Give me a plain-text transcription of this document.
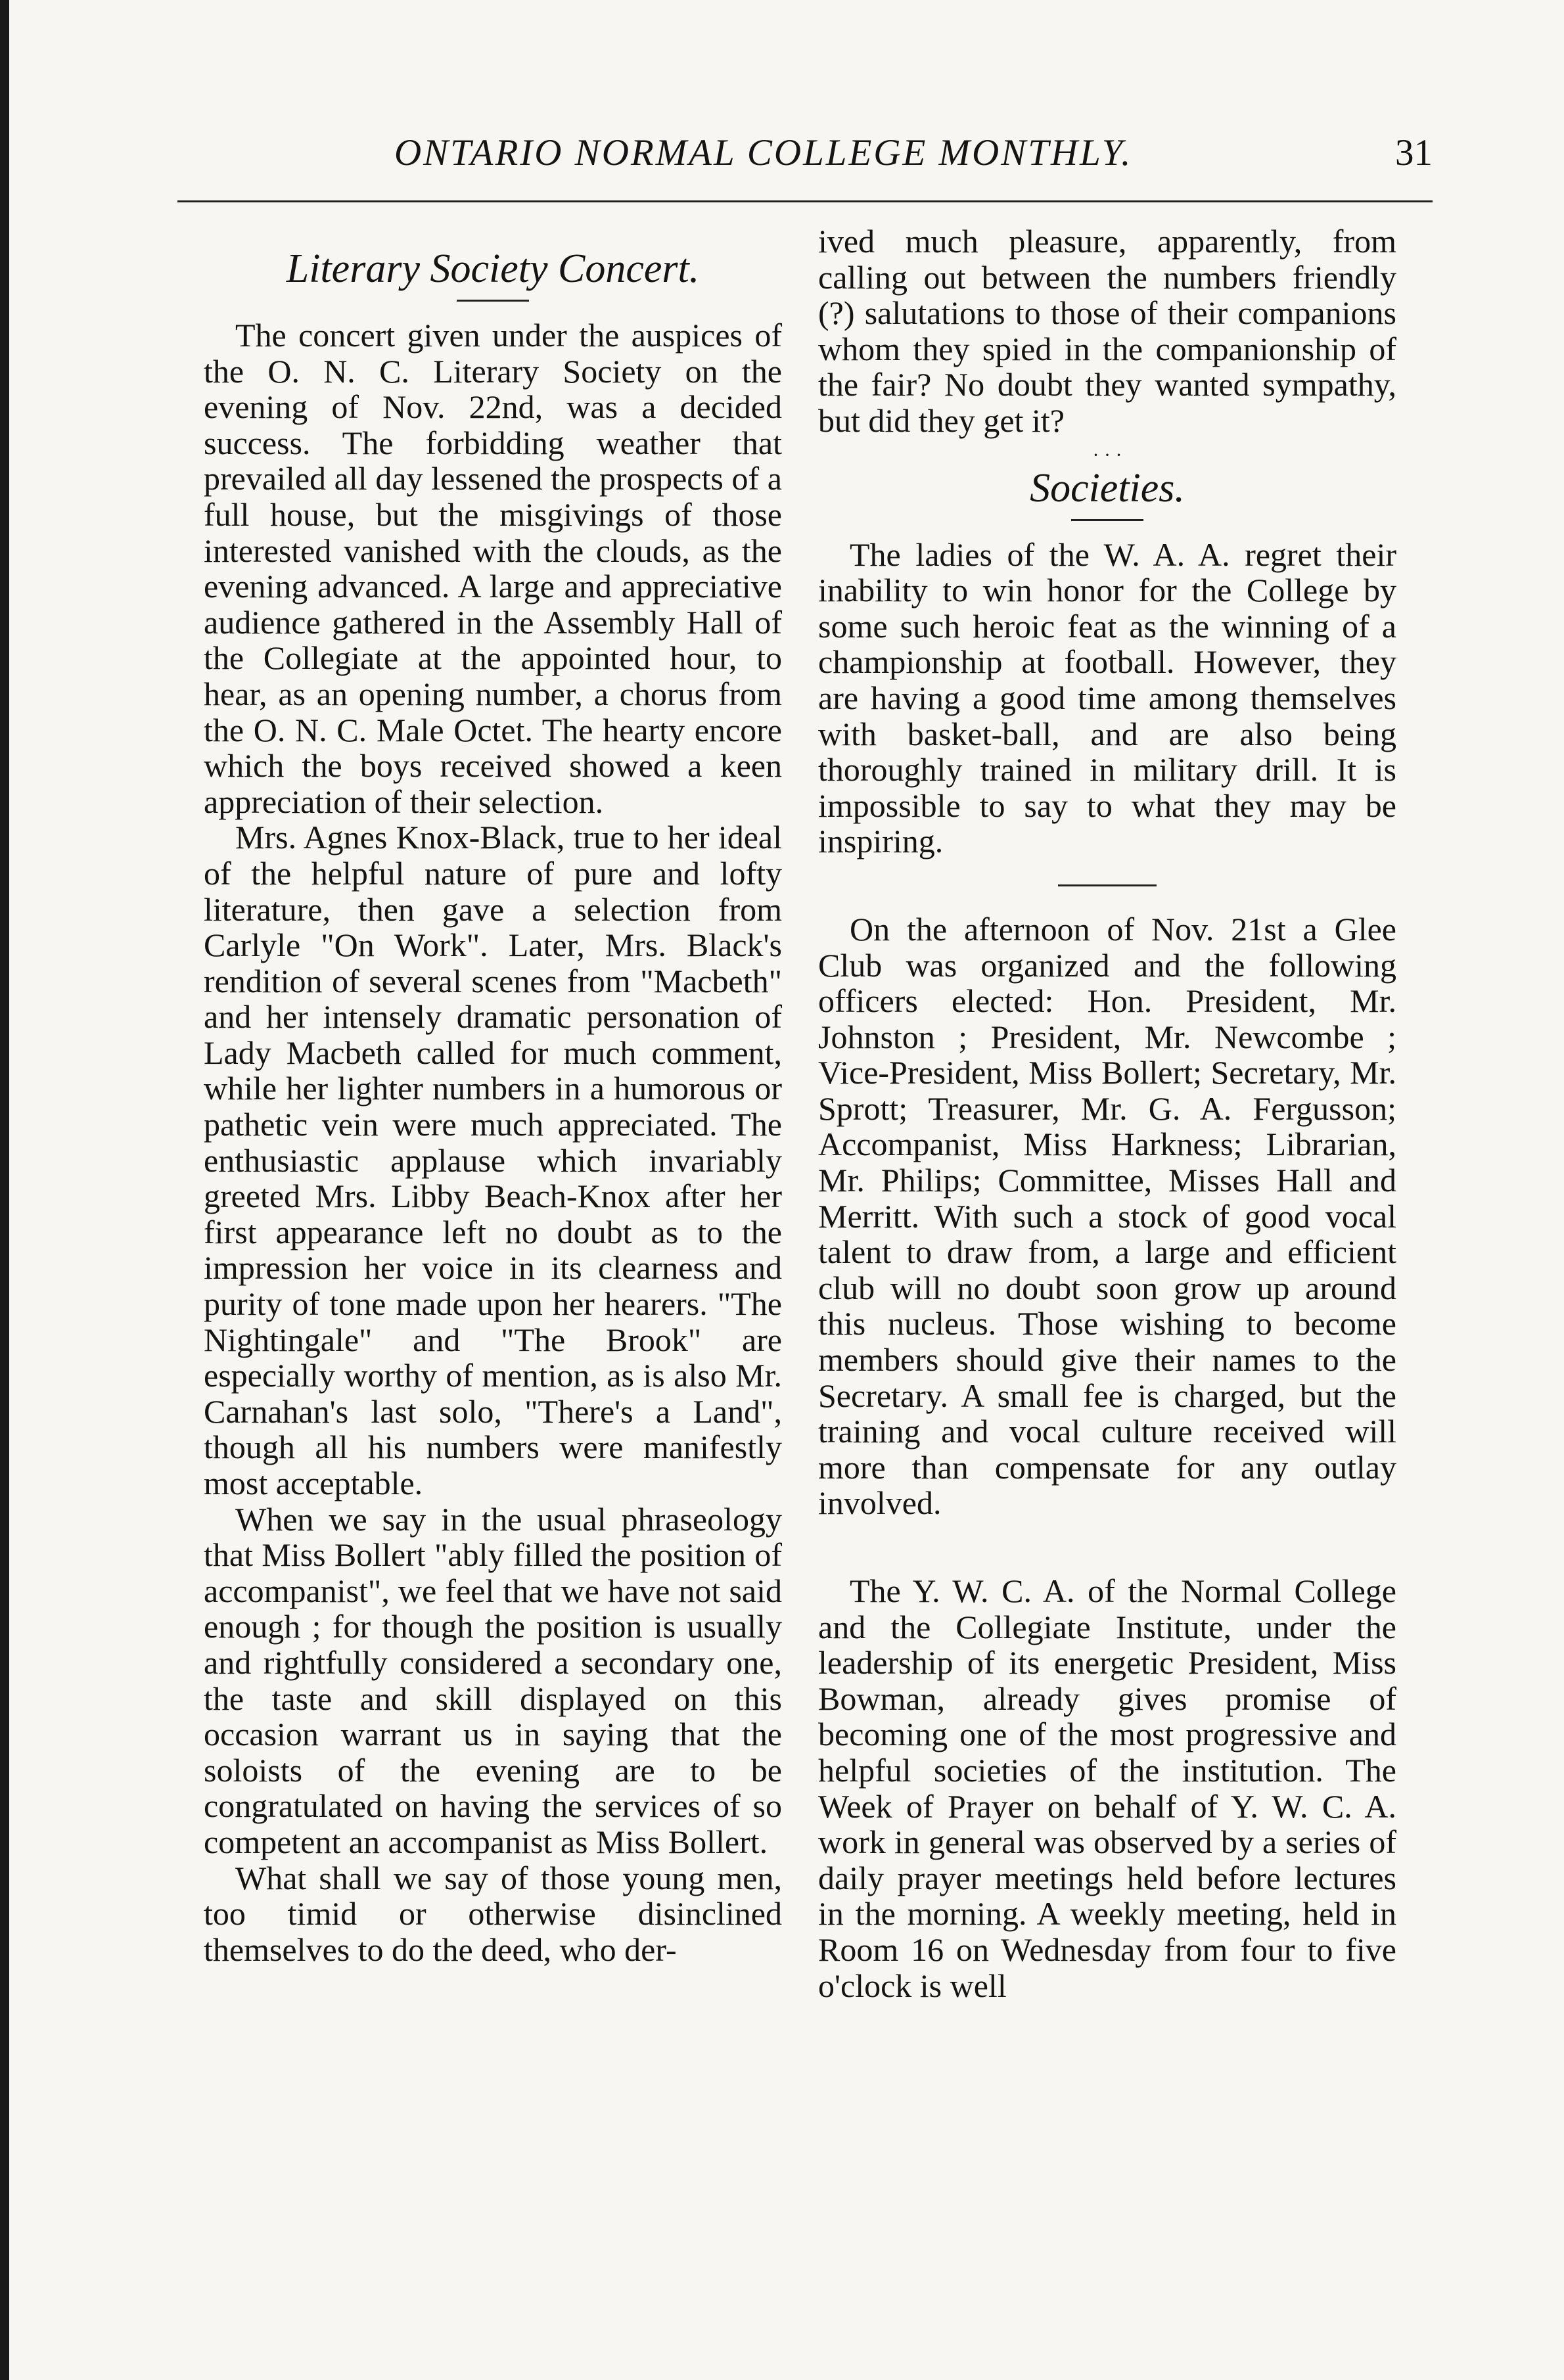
ONTARIO NORMAL COLLEGE MONTHLY.	31
Literary Society Concert.

The concert given under the auspices of the O. N. C. Literary Society on the evening of Nov. 22nd, was a decided success. The forbidding weather that prevailed all day lessened the prospects of a full house, but the misgivings of those interested vanished with the clouds, as the evening advanced. A large and appreciative audience gathered in the Assembly Hall of the Collegiate at the appointed hour, to hear, as an opening number, a chorus from the O. N. C. Male Octet. The hearty encore which the boys received showed a keen appreciation of their selection.

Mrs. Agnes Knox-Black, true to her ideal of the helpful nature of pure and lofty literature, then gave a selection from Carlyle "On Work". Later, Mrs. Black's rendition of several scenes from "Macbeth" and her intensely dramatic personation of Lady Macbeth called for much comment, while her lighter numbers in a humorous or pathetic vein were much appreciated. The enthusiastic applause which invariably greeted Mrs. Libby Beach-Knox after her first appearance left no doubt as to the impression her voice in its clearness and purity of tone made upon her hearers. "The Nightingale" and "The Brook" are especially worthy of mention, as is also Mr. Carnahan's last solo, "There's a Land", though all his numbers were manifestly most acceptable.

When we say in the usual phraseology that Miss Bollert "ably filled the position of accompanist", we feel that we have not said enough ; for though the position is usually and rightfully considered a secondary one, the taste and skill displayed on this occasion warrant us in saying that the soloists of the evening are to be congratulated on having the services of so competent an accompanist as Miss Bollert.

What shall we say of those young men, too timid or otherwise disinclined themselves to do the deed, who der-

ived much pleasure, apparently, from calling out between the numbers friendly (?) salutations to those of their companions whom they spied in the companionship of the fair? No doubt they wanted sympathy, but did they get it?

· · ·
Societies.

The ladies of the W. A. A. regret their inability to win honor for the College by some such heroic feat as the winning of a championship at football. However, they are having a good time among themselves with basket-ball, and are also being thoroughly trained in military drill. It is impossible to say to what they may be inspiring.

On the afternoon of Nov. 21st a Glee Club was organized and the following officers elected: Hon. President, Mr. Johnston ; President, Mr. Newcombe ; Vice-President, Miss Bollert; Secretary, Mr. Sprott; Treasurer, Mr. G. A. Fergusson; Accompanist, Miss Harkness; Librarian, Mr. Philips; Committee, Misses Hall and Merritt. With such a stock of good vocal talent to draw from, a large and efficient club will no doubt soon grow up around this nucleus. Those wishing to become members should give their names to the Secretary. A small fee is charged, but the training and vocal culture received will more than compensate for any outlay involved.

The Y. W. C. A. of the Normal College and the Collegiate Institute, under the leadership of its energetic President, Miss Bowman, already gives promise of becoming one of the most progressive and helpful societies of the institution. The Week of Prayer on behalf of Y. W. C. A. work in general was observed by a series of daily prayer meetings held before lectures in the morning. A weekly meeting, held in Room 16 on Wednesday from four to five o'clock is well
